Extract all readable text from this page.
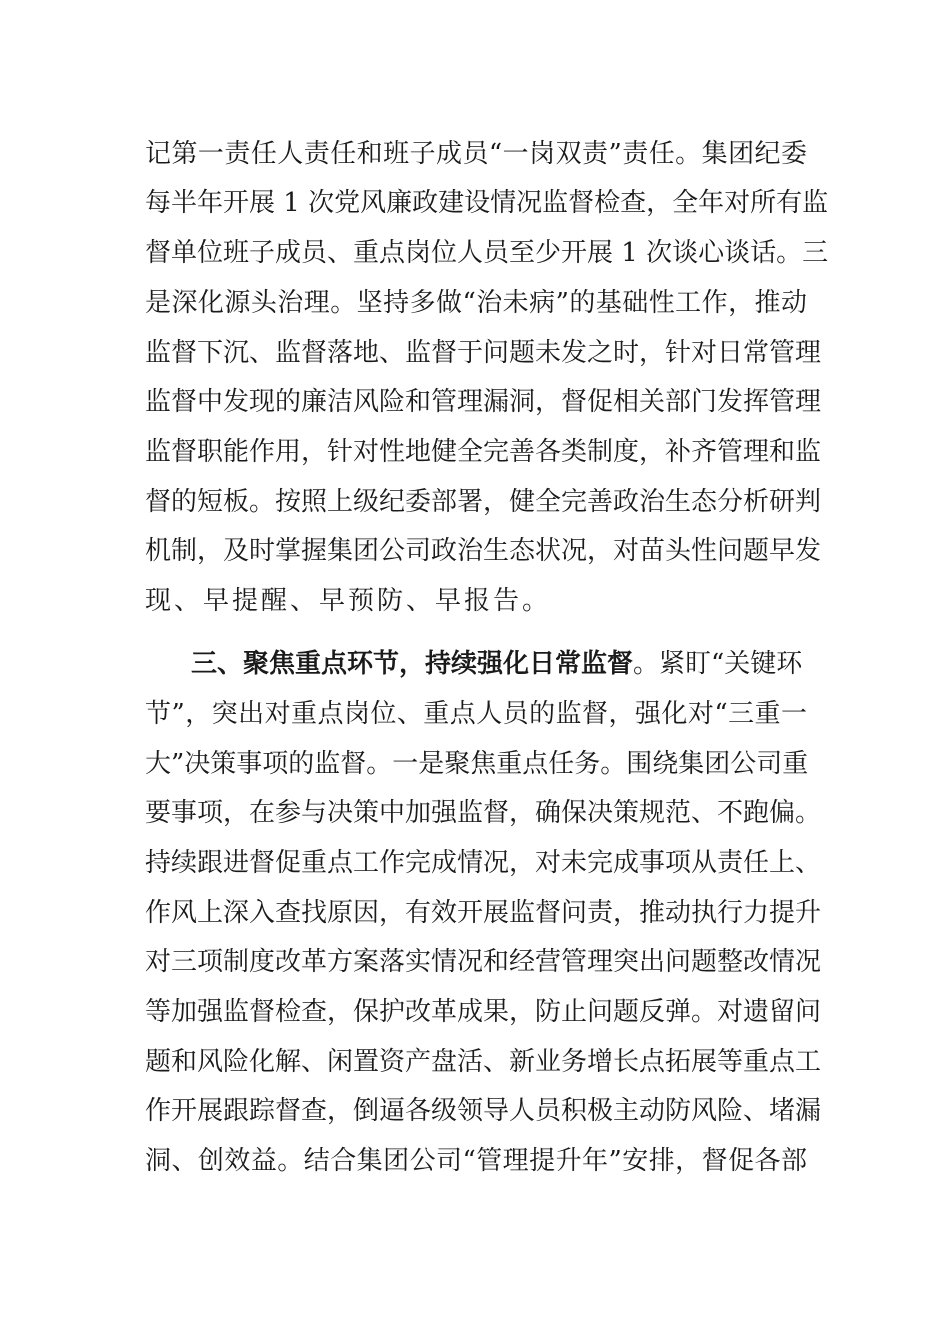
记第一责任人责任和班子成员“一岗双责”责任。集团纪委
每半年开展 1 次党风廉政建设情况监督检查，全年对所有监
督单位班子成员、重点岗位人员至少开展 1 次谈心谈话。三
是深化源头治理。坚持多做“治未病”的基础性工作，推动
监督下沉、监督落地、监督于问题未发之时，针对日常管理
监督中发现的廉洁风险和管理漏洞，督促相关部门发挥管理
监督职能作用，针对性地健全完善各类制度，补齐管理和监
督的短板。按照上级纪委部署，健全完善政治生态分析研判
机制，及时掌握集团公司政治生态状况，对苗头性问题早发
现、早提醒、早预防、早报告。
三、聚焦重点环节，持续强化日常监督。紧盯“关键环
节”，突出对重点岗位、重点人员的监督，强化对“三重一
大”决策事项的监督。一是聚焦重点任务。围绕集团公司重
要事项，在参与决策中加强监督，确保决策规范、不跑偏。
持续跟进督促重点工作完成情况，对未完成事项从责任上、
作风上深入查找原因，有效开展监督问责，推动执行力提升
对三项制度改革方案落实情况和经营管理突出问题整改情况
等加强监督检查，保护改革成果，防止问题反弹。对遗留问
题和风险化解、闲置资产盘活、新业务增长点拓展等重点工
作开展跟踪督查，倒逼各级领导人员积极主动防风险、堵漏
洞、创效益。结合集团公司“管理提升年”安排，督促各部
